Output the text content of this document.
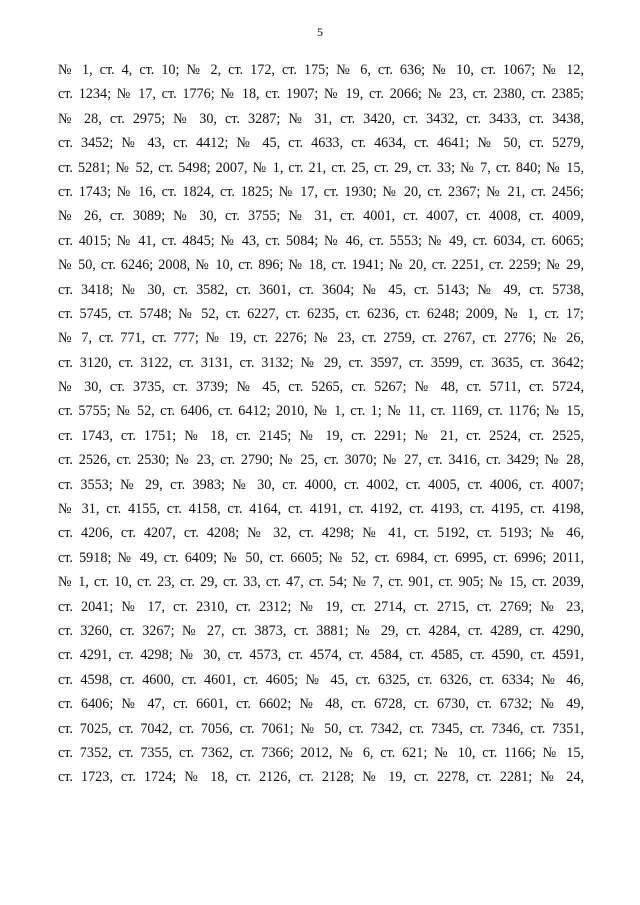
5
№ 1, ст. 4, ст. 10; № 2, ст. 172, ст. 175; № 6, ст. 636; № 10, ст. 1067; № 12,
ст. 1234; № 17, ст. 1776; № 18, ст. 1907; № 19, ст. 2066; № 23, ст. 2380, ст. 2385;
№ 28, ст. 2975; № 30, ст. 3287; № 31, ст. 3420, ст. 3432, ст. 3433, ст. 3438,
ст. 3452; № 43, ст. 4412; № 45, ст. 4633, ст. 4634, ст. 4641; № 50, ст. 5279,
ст. 5281; № 52, ст. 5498; 2007, № 1, ст. 21, ст. 25, ст. 29, ст. 33; № 7, ст. 840; № 15,
ст. 1743; № 16, ст. 1824, ст. 1825; № 17, ст. 1930; № 20, ст. 2367; № 21, ст. 2456;
№ 26, ст. 3089; № 30, ст. 3755; № 31, ст. 4001, ст. 4007, ст. 4008, ст. 4009,
ст. 4015; № 41, ст. 4845; № 43, ст. 5084; № 46, ст. 5553; № 49, ст. 6034, ст. 6065;
№ 50, ст. 6246; 2008, № 10, ст. 896; № 18, ст. 1941; № 20, ст. 2251, ст. 2259; № 29,
ст. 3418; № 30, ст. 3582, ст. 3601, ст. 3604; № 45, ст. 5143; № 49, ст. 5738,
ст. 5745, ст. 5748; № 52, ст. 6227, ст. 6235, ст. 6236, ст. 6248; 2009, № 1, ст. 17;
№ 7, ст. 771, ст. 777; № 19, ст. 2276; № 23, ст. 2759, ст. 2767, ст. 2776; № 26,
ст. 3120, ст. 3122, ст. 3131, ст. 3132; № 29, ст. 3597, ст. 3599, ст. 3635, ст. 3642;
№ 30, ст. 3735, ст. 3739; № 45, ст. 5265, ст. 5267; № 48, ст. 5711, ст. 5724,
ст. 5755; № 52, ст. 6406, ст. 6412; 2010, № 1, ст. 1; № 11, ст. 1169, ст. 1176; № 15,
ст. 1743, ст. 1751; № 18, ст. 2145; № 19, ст. 2291; № 21, ст. 2524, ст. 2525,
ст. 2526, ст. 2530; № 23, ст. 2790; № 25, ст. 3070; № 27, ст. 3416, ст. 3429; № 28,
ст. 3553; № 29, ст. 3983; № 30, ст. 4000, ст. 4002, ст. 4005, ст. 4006, ст. 4007;
№ 31, ст. 4155, ст. 4158, ст. 4164, ст. 4191, ст. 4192, ст. 4193, ст. 4195, ст. 4198,
ст. 4206, ст. 4207, ст. 4208; № 32, ст. 4298; № 41, ст. 5192, ст. 5193; № 46,
ст. 5918; № 49, ст. 6409; № 50, ст. 6605; № 52, ст. 6984, ст. 6995, ст. 6996; 2011,
№ 1, ст. 10, ст. 23, ст. 29, ст. 33, ст. 47, ст. 54; № 7, ст. 901, ст. 905; № 15, ст. 2039,
ст. 2041; № 17, ст. 2310, ст. 2312; № 19, ст. 2714, ст. 2715, ст. 2769; № 23,
ст. 3260, ст. 3267; № 27, ст. 3873, ст. 3881; № 29, ст. 4284, ст. 4289, ст. 4290,
ст. 4291, ст. 4298; № 30, ст. 4573, ст. 4574, ст. 4584, ст. 4585, ст. 4590, ст. 4591,
ст. 4598, ст. 4600, ст. 4601, ст. 4605; № 45, ст. 6325, ст. 6326, ст. 6334; № 46,
ст. 6406; № 47, ст. 6601, ст. 6602; № 48, ст. 6728, ст. 6730, ст. 6732; № 49,
ст. 7025, ст. 7042, ст. 7056, ст. 7061; № 50, ст. 7342, ст. 7345, ст. 7346, ст. 7351,
ст. 7352, ст. 7355, ст. 7362, ст. 7366; 2012, № 6, ст. 621; № 10, ст. 1166; № 15,
ст. 1723, ст. 1724; № 18, ст. 2126, ст. 2128; № 19, ст. 2278, ст. 2281; № 24,
